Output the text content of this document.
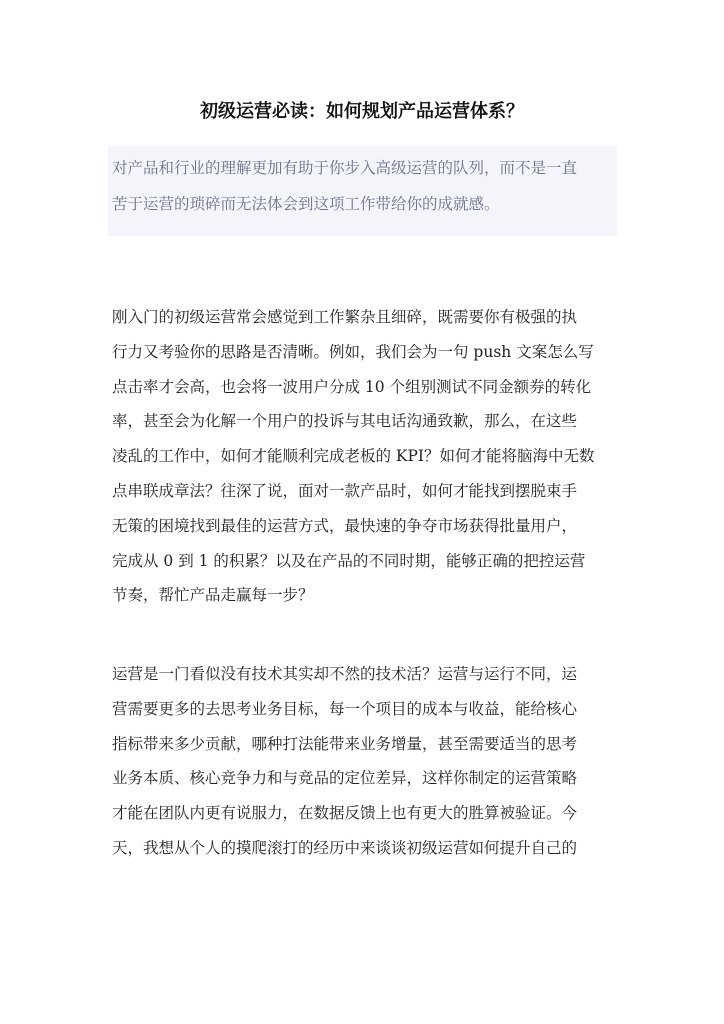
初级运营必读：如何规划产品运营体系？
对产品和行业的理解更加有助于你步入高级运营的队列，而不是一直
苦于运营的琐碎而无法体会到这项工作带给你的成就感。
刚入门的初级运营常会感觉到工作繁杂且细碎，既需要你有极强的执
行力又考验你的思路是否清晰。例如，我们会为一句 push 文案怎么写
点击率才会高，也会将一波用户分成 10 个组别测试不同金额券的转化
率，甚至会为化解一个用户的投诉与其电话沟通致歉，那么，在这些
凌乱的工作中，如何才能顺利完成老板的 KPI？如何才能将脑海中无数
点串联成章法？往深了说，面对一款产品时，如何才能找到摆脱束手
无策的困境找到最佳的运营方式，最快速的争夺市场获得批量用户，
完成从 0 到 1 的积累？以及在产品的不同时期，能够正确的把控运营
节奏，帮忙产品走赢每一步？
运营是一门看似没有技术其实却不然的技术活？运营与运行不同，运
营需要更多的去思考业务目标，每一个项目的成本与收益，能给核心
指标带来多少贡献，哪种打法能带来业务增量，甚至需要适当的思考
业务本质、核心竞争力和与竞品的定位差异，这样你制定的运营策略
才能在团队内更有说服力，在数据反馈上也有更大的胜算被验证。今
天，我想从个人的摸爬滚打的经历中来谈谈初级运营如何提升自己的
